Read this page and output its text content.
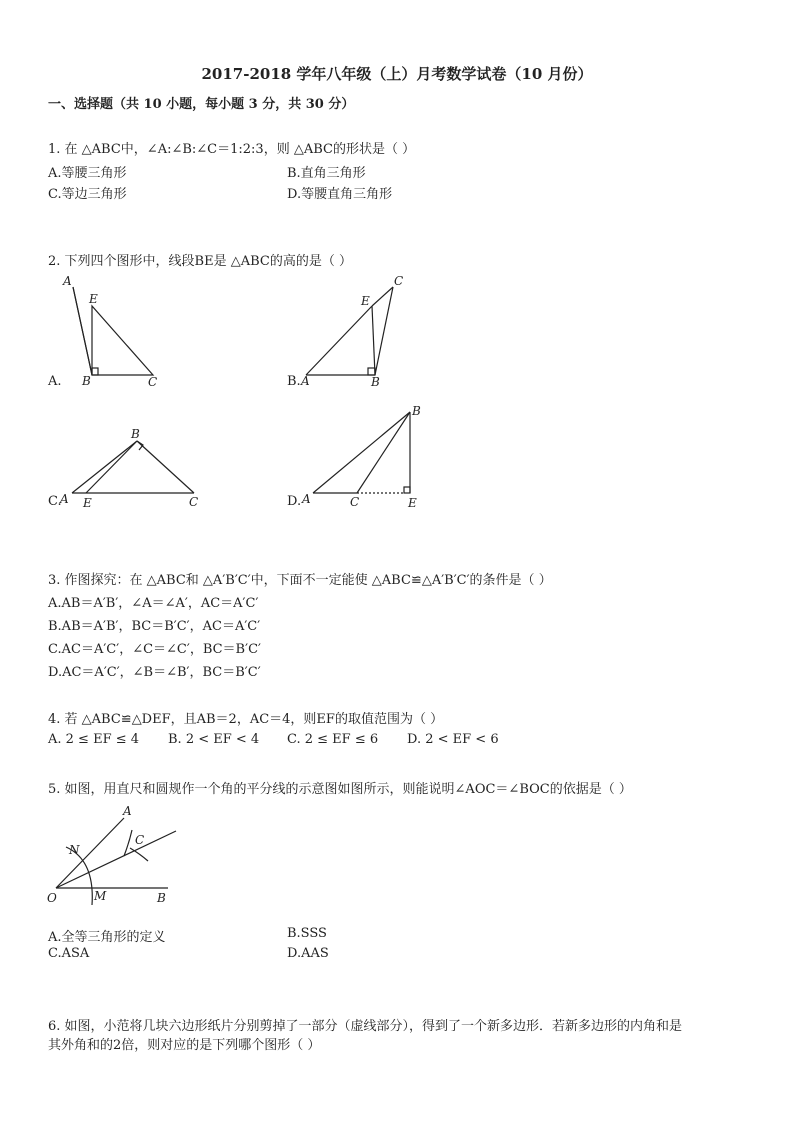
2017-2018 学年八年级（上）月考数学试卷（10 月份）
一、选择题（共 10 小题，每小题 3 分，共 30 分）
1. 在 △ABC中，∠A:∠B:∠C＝1:2:3，则 △ABC的形状是（ ）
A.等腰三角形	B.直角三角形
C.等边三角形	D.等腰直角三角形
2. 下列四个图形中，线段BE是 △ABC的高的是（ ）
A.
A
E
B	C
C
E
A	B
B
A E	C
B
A	C	E
B.
C.	D.
3. 作图探究：在 △ABC和 △A′B′C′中，下面不一定能使 △ABC≌△A′B′C′的条件是（ ）
A.AB＝A′B′，∠A＝∠A′，AC＝A′C′
B.AB＝A′B′，BC＝B′C′，AC＝A′C′
C.AC＝A′C′，∠C＝∠C′，BC＝B′C′
D.AC＝A′C′，∠B＝∠B′，BC＝B′C′
4. 若 △ABC≌△DEF，且AB＝2，AC＝4，则EF的取值范围为（ ）
A. 2 ≤ EF ≤ 4 B. 2 < EF < 4 C. 2 ≤ EF ≤ 6 D. 2 < EF < 6
5. 如图，用直尺和圆规作一个角的平分线的示意图如图所示，则能说明∠AOC＝∠BOC的依据是（ ）
A
C
N
O	M	B
A.全等三角形的定义	B.SSS
C.ASA	D.AAS
6. 如图，小范将几块六边形纸片分别剪掉了一部分（虚线部分），得到了一个新多边形．若新多边形的内角和是
其外角和的2倍，则对应的是下列哪个图形（ ）
